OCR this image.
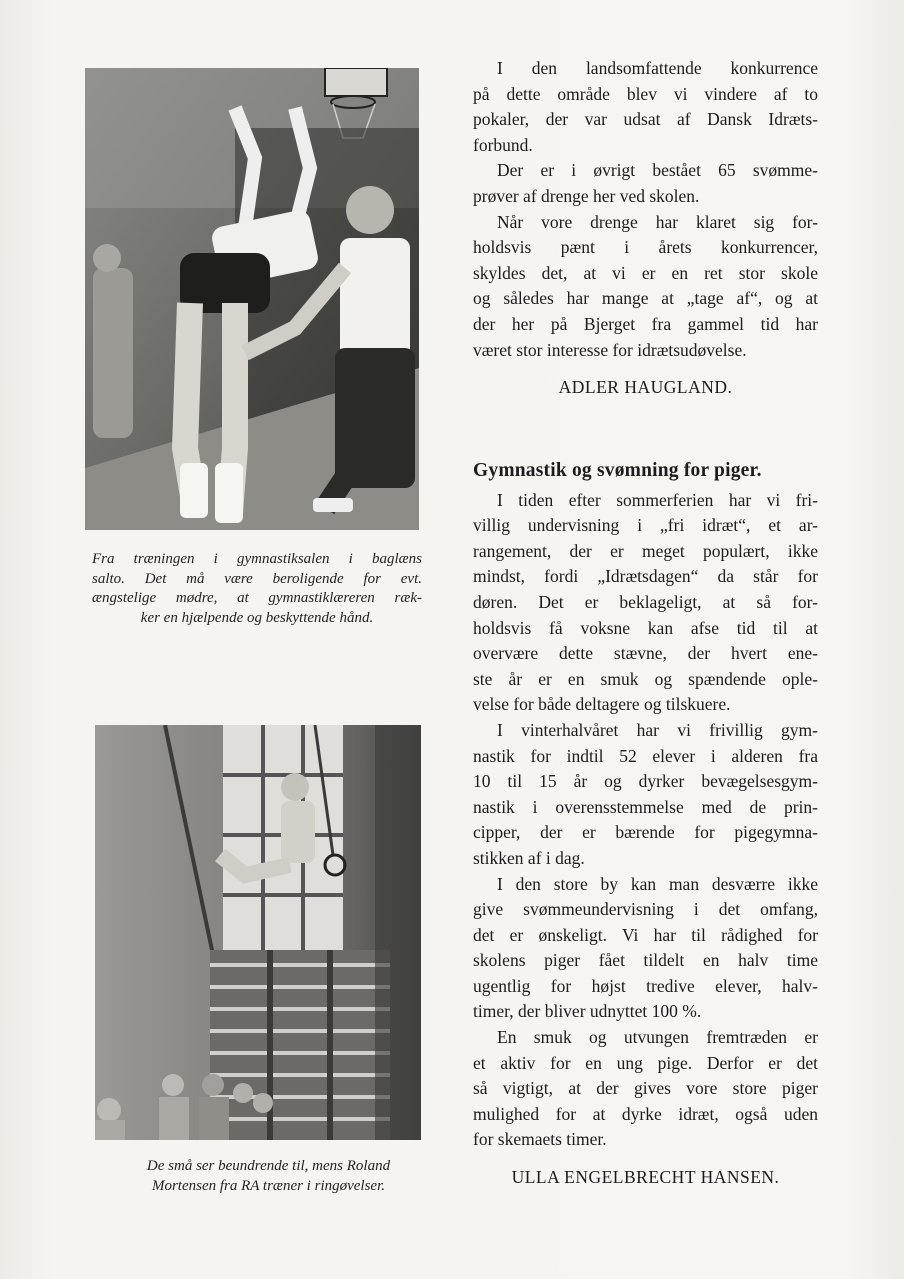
Fra træningen i gymnastiksalen i baglæns
salto. Det må være beroligende for evt.
ængstelige mødre, at gymnastiklæreren ræk-
ker en hjælpende og beskyttende hånd.
De små ser beundrende til, mens Roland
Mortensen fra RA træner i ringøvelser.
I den landsomfattende konkurrence
på dette område blev vi vindere af to
pokaler, der var udsat af Dansk Idræts-
forbund.
Der er i øvrigt bestået 65 svømme-
prøver af drenge her ved skolen.
Når vore drenge har klaret sig for-
holdsvis pænt i årets konkurrencer,
skyldes det, at vi er en ret stor skole
og således har mange at „tage af“, og at
der her på Bjerget fra gammel tid har
været stor interesse for idrætsudøvelse.
ADLER HAUGLAND.
Gymnastik og svømning for piger.
I tiden efter sommerferien har vi fri-
villig undervisning i „fri idræt“, et ar-
rangement, der er meget populært, ikke
mindst, fordi „Idrætsdagen“ da står for
døren. Det er beklageligt, at så for-
holdsvis få voksne kan afse tid til at
overvære dette stævne, der hvert ene-
ste år er en smuk og spændende ople-
velse for både deltagere og tilskuere.
I vinterhalvåret har vi frivillig gym-
nastik for indtil 52 elever i alderen fra
10 til 15 år og dyrker bevægelsesgym-
nastik i overensstemmelse med de prin-
cipper, der er bærende for pigegymna-
stikken af i dag.
I den store by kan man desværre ikke
give svømmeundervisning i det omfang,
det er ønskeligt. Vi har til rådighed for
skolens piger fået tildelt en halv time
ugentlig for højst tredive elever, halv-
timer, der bliver udnyttet 100 %.
En smuk og utvungen fremtræden er
et aktiv for en ung pige. Derfor er det
så vigtigt, at der gives vore store piger
mulighed for at dyrke idræt, også uden
for skemaets timer.
ULLA ENGELBRECHT HANSEN.
